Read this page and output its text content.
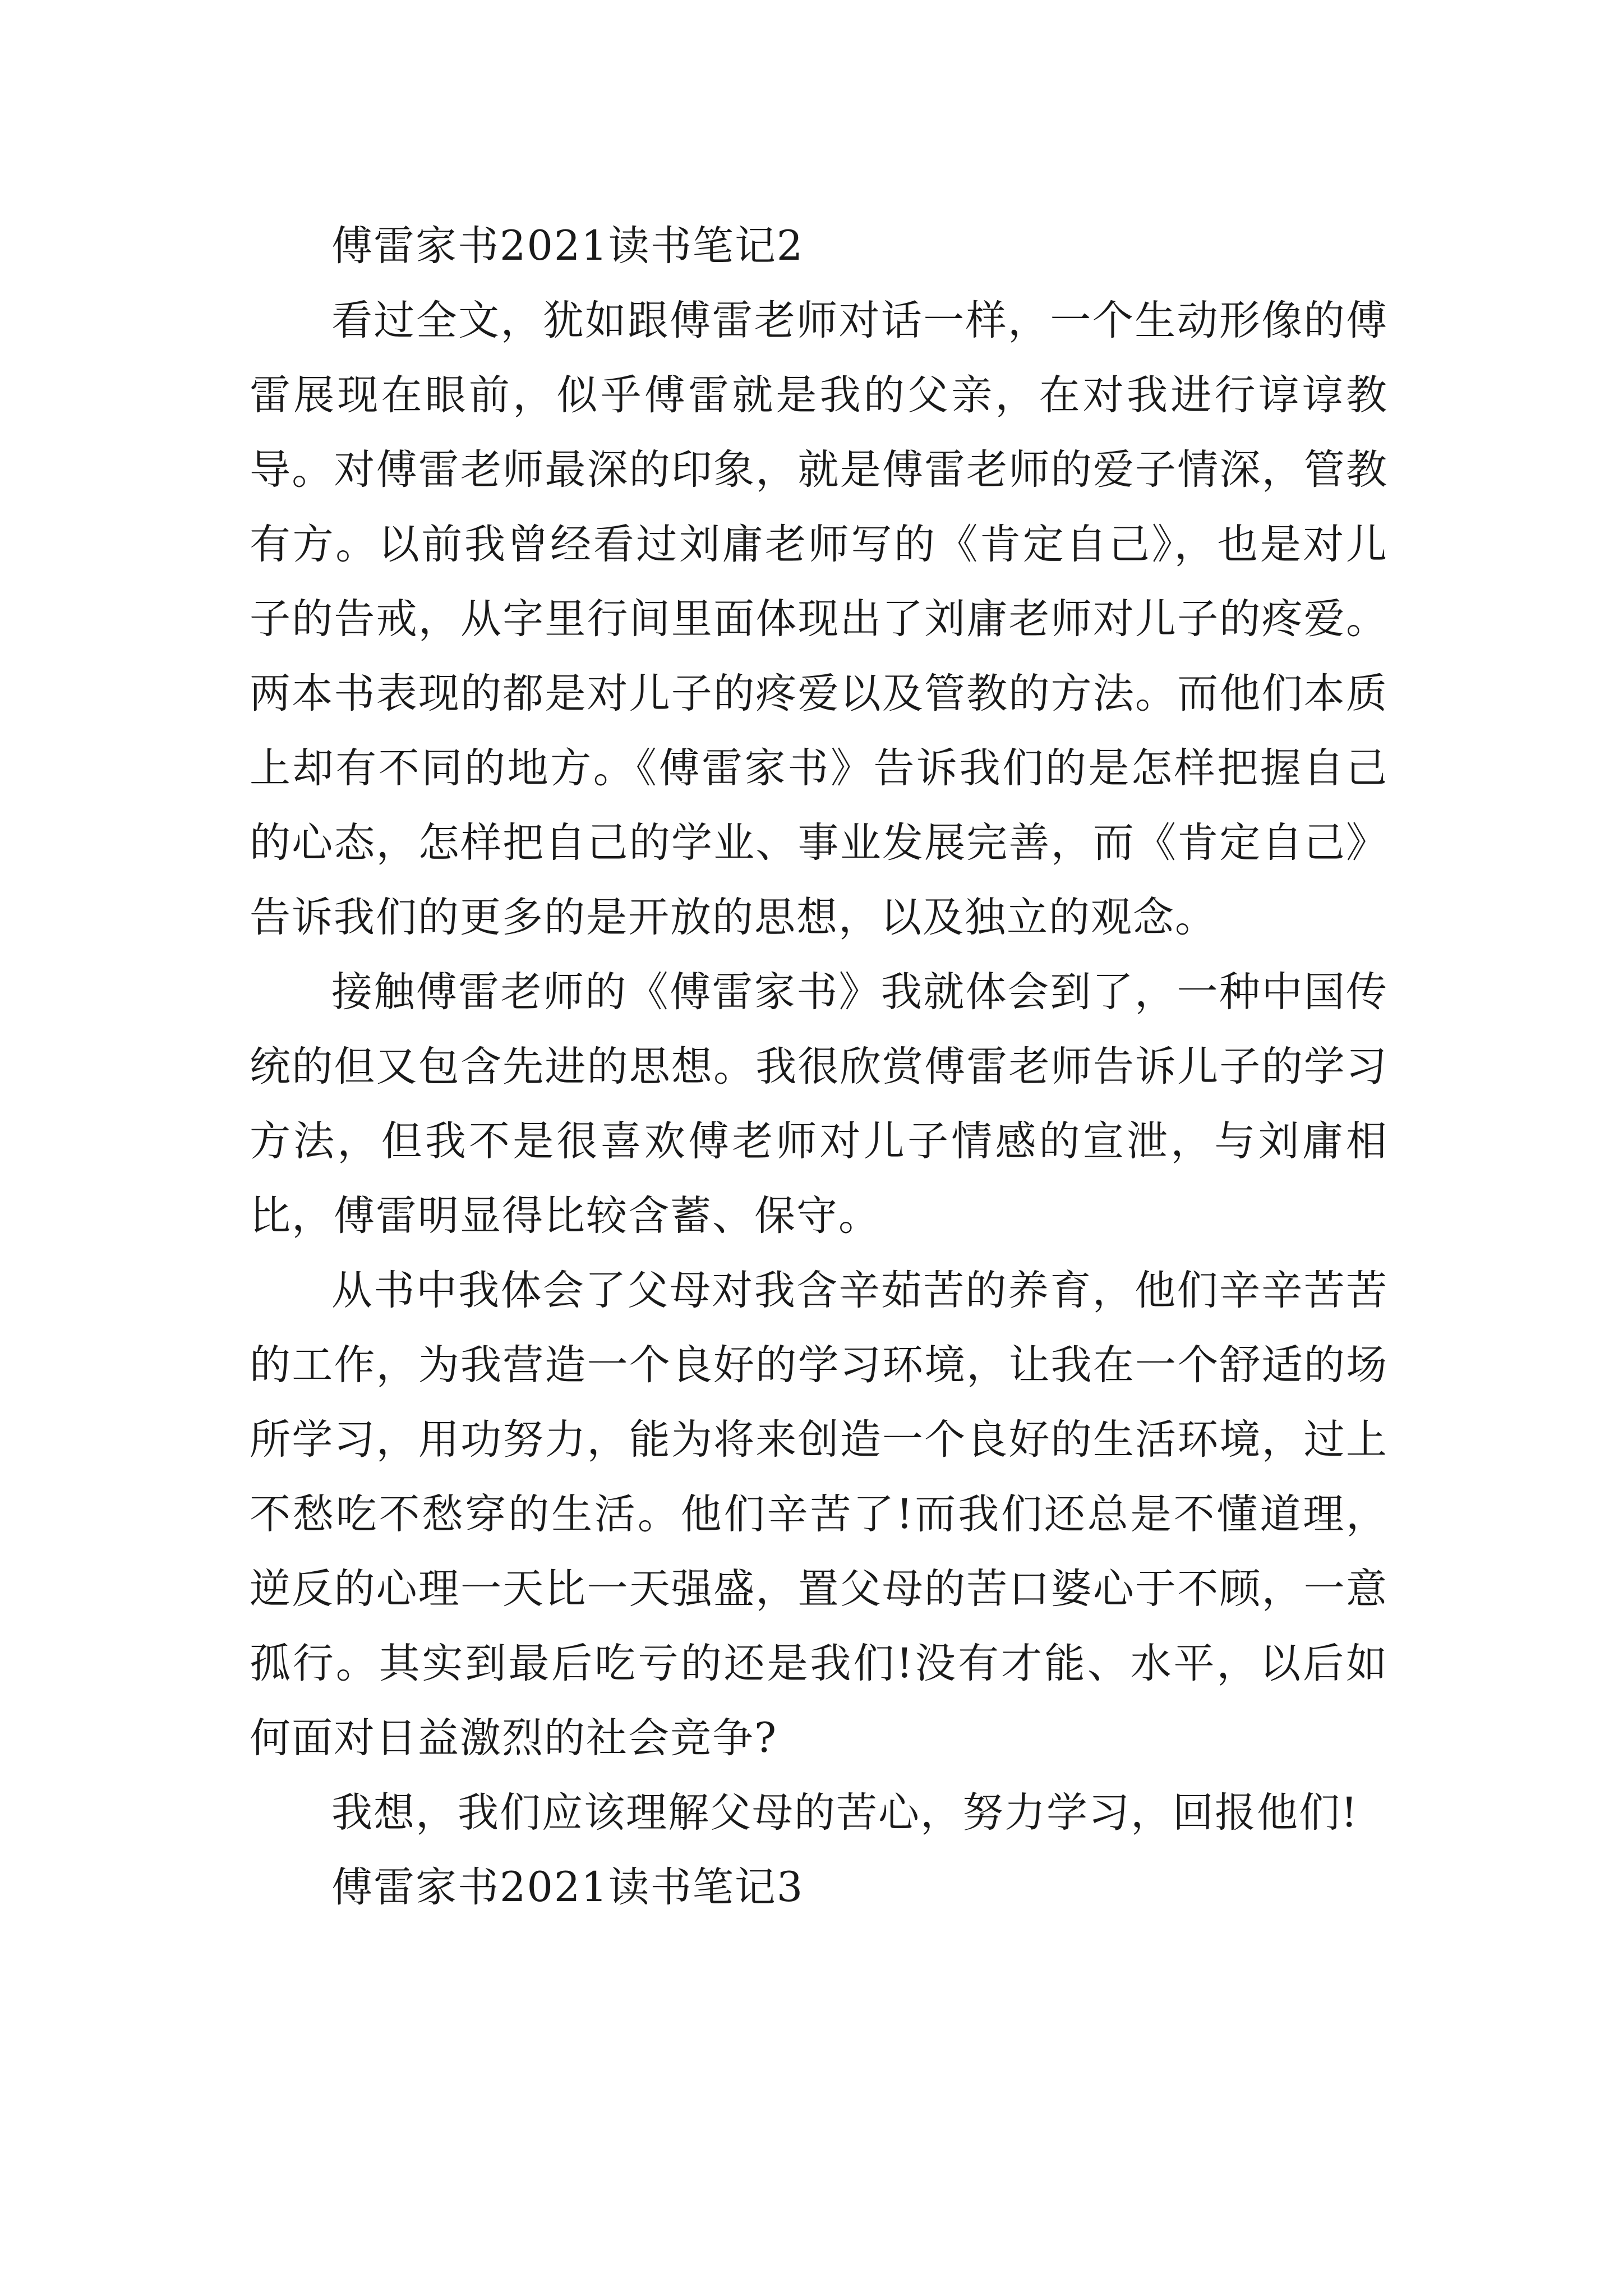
傅雷家书2021读书笔记2

看过全文，犹如跟傅雷老师对话一样，一个生动形像的傅雷展现在眼前，似乎傅雷就是我的父亲，在对我进行谆谆教导。对傅雷老师最深的印象，就是傅雷老师的爱子情深，管教有方。以前我曾经看过刘庸老师写的《肯定自己》，也是对儿子的告戒，从字里行间里面体现出了刘庸老师对儿子的疼爱。两本书表现的都是对儿子的疼爱以及管教的方法。而他们本质上却有不同的地方。《傅雷家书》告诉我们的是怎样把握自己的心态，怎样把自己的学业、事业发展完善，而《肯定自己》告诉我们的更多的是开放的思想，以及独立的观念。

接触傅雷老师的《傅雷家书》我就体会到了，一种中国传统的但又包含先进的思想。我很欣赏傅雷老师告诉儿子的学习方法，但我不是很喜欢傅老师对儿子情感的宣泄，与刘庸相比，傅雷明显得比较含蓄、保守。

从书中我体会了父母对我含辛茹苦的养育，他们辛辛苦苦的工作，为我营造一个良好的学习环境，让我在一个舒适的场所学习，用功努力，能为将来创造一个良好的生活环境，过上不愁吃不愁穿的生活。他们辛苦了!而我们还总是不懂道理，逆反的心理一天比一天强盛，置父母的苦口婆心于不顾，一意孤行。其实到最后吃亏的还是我们!没有才能、水平，以后如何面对日益激烈的社会竞争?

我想，我们应该理解父母的苦心，努力学习，回报他们!

傅雷家书2021读书笔记3
